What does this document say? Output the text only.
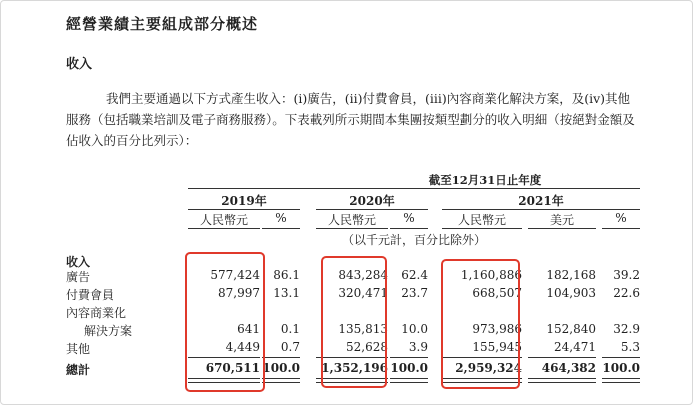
經營業績主要組成部分概述
收入
我們主要通過以下方式產生收入：(i)廣告，(ii)付費會員，(iii)內容商業化解決方案，及(iv)其他服務（包括職業培訓及電子商務服務）。下表載列所示期間本集團按類型劃分的收入明細（按絕對金額及佔收入的百分比列示）：
截至12月31日止年度
2019年	2020年	2021年
人民幣元	%	人民幣元	%	人民幣元	美元	%
（以千元計，百分比除外）
收入
廣告	577,424	86.1	843,284	62.4	1,160,886	182,168	39.2
付費會員	87,997	13.1	320,471	23.7	668,507	104,903	22.6
內容商業化
解決方案	641	0.1	135,813	10.0	973,986	152,840	32.9
其他	4,449	0.7	52,628	3.9	155,945	24,471	5.3
總計	670,511 100.0	1,352,196 100.0	2,959,324	464,382 100.0
